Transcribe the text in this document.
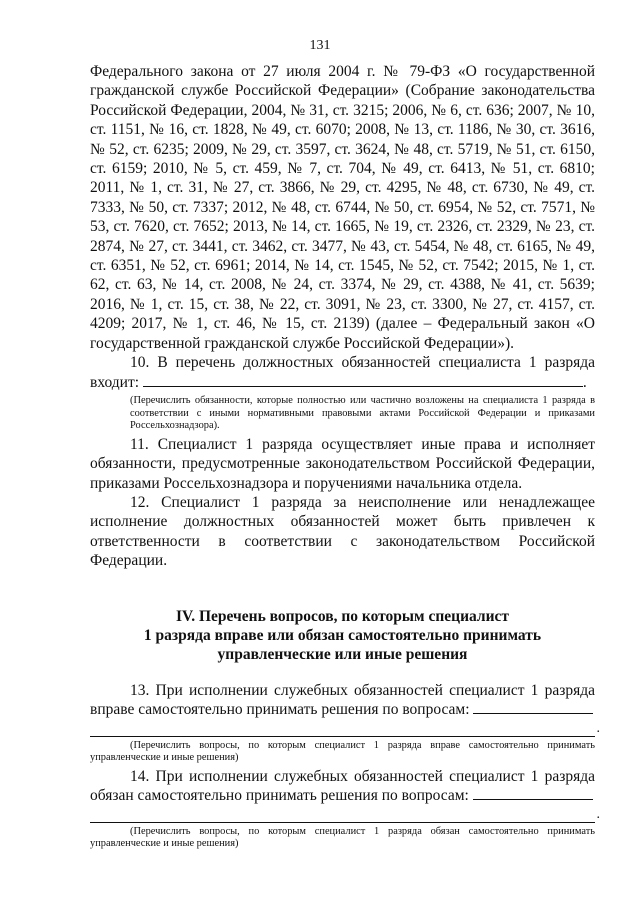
131

Федерального закона от 27 июля 2004 г. № 79-ФЗ «О государственной гражданской службе Российской Федерации» (Собрание законодательства Российской Федерации, 2004, № 31, ст. 3215; 2006, № 6, ст. 636; 2007, № 10, ст. 1151, № 16, ст. 1828, № 49, ст. 6070; 2008, № 13, ст. 1186, № 30, ст. 3616, № 52, ст. 6235; 2009, № 29, ст. 3597, ст. 3624, № 48, ст. 5719, № 51, ст. 6150, ст. 6159; 2010, № 5, ст. 459, № 7, ст. 704, № 49, ст. 6413, № 51, ст. 6810; 2011, № 1, ст. 31, № 27, ст. 3866, № 29, ст. 4295, № 48, ст. 6730, № 49, ст. 7333, № 50, ст. 7337; 2012, № 48, ст. 6744, № 50, ст. 6954, № 52, ст. 7571, № 53, ст. 7620, ст. 7652; 2013, № 14, ст. 1665, № 19, ст. 2326, ст. 2329, № 23, ст. 2874, № 27, ст. 3441, ст. 3462, ст. 3477, № 43, ст. 5454, № 48, ст. 6165, № 49, ст. 6351, № 52, ст. 6961; 2014, № 14, ст. 1545, № 52, ст. 7542; 2015, № 1, ст. 62, ст. 63, № 14, ст. 2008, № 24, ст. 3374, № 29, ст. 4388, № 41, ст. 5639; 2016, № 1, ст. 15, ст. 38, № 22, ст. 3091, № 23, ст. 3300, № 27, ст. 4157, ст. 4209; 2017, № 1, ст. 46, № 15, ст. 2139) (далее – Федеральный закон «О государственной гражданской службе Российской Федерации»).

10. В перечень должностных обязанностей специалиста 1 разряда входит:	.

(Перечислить обязанности, которые полностью или частично возложены на специалиста 1 разряда в соответствии с иными нормативными правовыми актами Российской Федерации и приказами Россельхознадзора).

11. Специалист 1 разряда осуществляет иные права и исполняет обязанности, предусмотренные законодательством Российской Федерации, приказами Россельхознадзора и поручениями начальника отдела.

12. Специалист 1 разряда за неисполнение или ненадлежащее исполнение должностных обязанностей может быть привлечен к ответственности в соответствии с законодательством Российской Федерации.

IV. Перечень вопросов, по которым специалист
1 разряда вправе или обязан самостоятельно принимать
управленческие или иные решения

13. При исполнении служебных обязанностей специалист 1 разряда вправе самостоятельно принимать решения по вопросам:

.
(Перечислить вопросы, по которым специалист 1 разряда вправе самостоятельно принимать управленческие и иные решения)

14. При исполнении служебных обязанностей специалист 1 разряда обязан самостоятельно принимать решения по вопросам:

.
(Перечислить вопросы, по которым специалист 1 разряда обязан самостоятельно принимать управленческие и иные решения)
